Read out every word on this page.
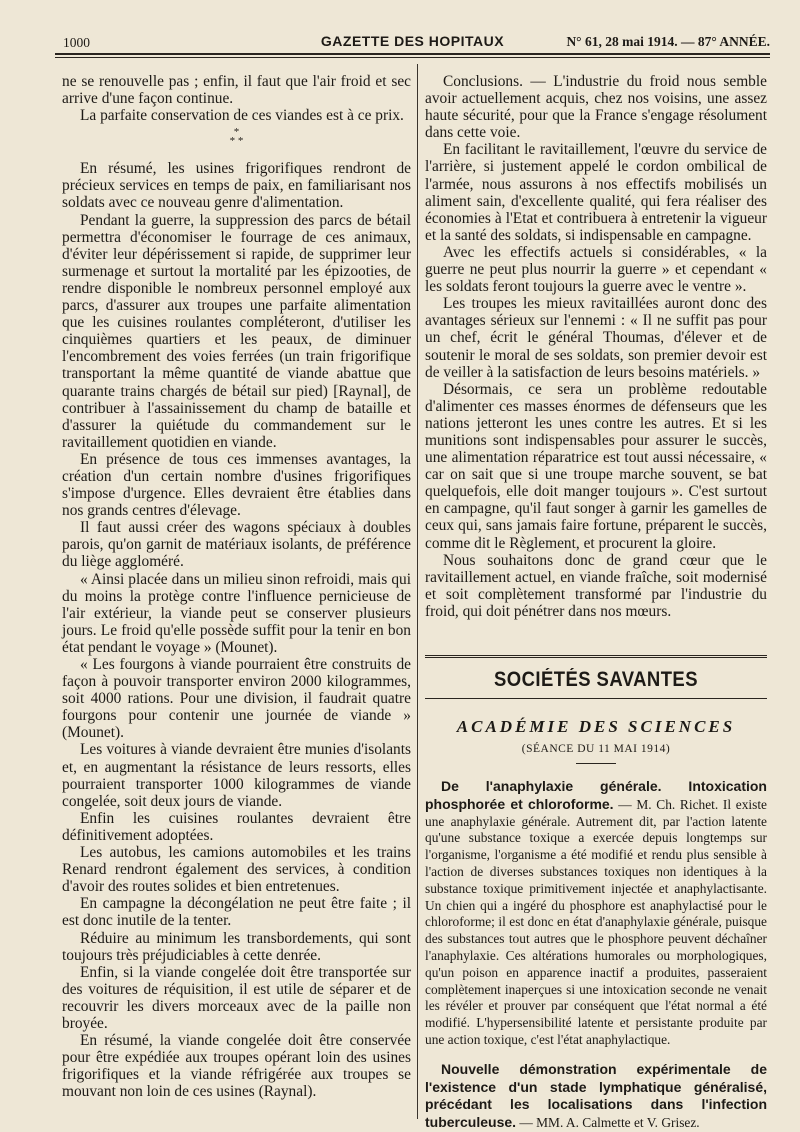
1000	GAZETTE DES HOPITAUX	N° 61, 28 mai 1914. — 87° ANNÉE.

ne se renouvelle pas ; enfin, il faut que l'air froid et sec arrive d'une façon continue.

La parfaite conservation de ces viandes est à ce prix.

*
* *

En résumé, les usines frigorifiques rendront de précieux services en temps de paix, en familiarisant nos soldats avec ce nouveau genre d'alimentation.

Pendant la guerre, la suppression des parcs de bétail permettra d'économiser le fourrage de ces animaux, d'éviter leur dépérissement si rapide, de supprimer leur surmenage et surtout la mortalité par les épizooties, de rendre disponible le nombreux personnel employé aux parcs, d'assurer aux troupes une parfaite alimentation que les cuisines roulantes compléteront, d'utiliser les cinquièmes quartiers et les peaux, de diminuer l'encombrement des voies ferrées (un train frigorifique transportant la même quantité de viande abattue que quarante trains chargés de bétail sur pied) [Raynal], de contribuer à l'assainissement du champ de bataille et d'assurer la quiétude du commandement sur le ravitaillement quotidien en viande.

En présence de tous ces immenses avantages, la création d'un certain nombre d'usines frigorifiques s'impose d'urgence. Elles devraient être établies dans nos grands centres d'élevage.

Il faut aussi créer des wagons spéciaux à doubles parois, qu'on garnit de matériaux isolants, de préférence du liège aggloméré.

« Ainsi placée dans un milieu sinon refroidi, mais qui du moins la protège contre l'influence pernicieuse de l'air extérieur, la viande peut se conserver plusieurs jours. Le froid qu'elle possède suffit pour la tenir en bon état pendant le voyage » (Mounet).

« Les fourgons à viande pourraient être construits de façon à pouvoir transporter environ 2000 kilogrammes, soit 4000 rations. Pour une division, il faudrait quatre fourgons pour contenir une journée de viande » (Mounet).

Les voitures à viande devraient être munies d'isolants et, en augmentant la résistance de leurs ressorts, elles pourraient transporter 1000 kilogrammes de viande congelée, soit deux jours de viande.

Enfin les cuisines roulantes devraient être définitivement adoptées.

Les autobus, les camions automobiles et les trains Renard rendront également des services, à condition d'avoir des routes solides et bien entretenues.

En campagne la décongélation ne peut être faite ; il est donc inutile de la tenter.

Réduire au minimum les transbordements, qui sont toujours très préjudiciables à cette denrée.

Enfin, si la viande congelée doit être transportée sur des voitures de réquisition, il est utile de séparer et de recouvrir les divers morceaux avec de la paille non broyée.

En résumé, la viande congelée doit être conservée pour être expédiée aux troupes opérant loin des usines frigorifiques et la viande réfrigérée aux troupes se mouvant non loin de ces usines (Raynal).

Conclusions. — L'industrie du froid nous semble avoir actuellement acquis, chez nos voisins, une assez haute sécurité, pour que la France s'engage résolument dans cette voie.

En facilitant le ravitaillement, l'œuvre du service de l'arrière, si justement appelé le cordon ombilical de l'armée, nous assurons à nos effectifs mobilisés un aliment sain, d'excellente qualité, qui fera réaliser des économies à l'Etat et contribuera à entretenir la vigueur et la santé des soldats, si indispensable en campagne.

Avec les effectifs actuels si considérables, « la guerre ne peut plus nourrir la guerre » et cependant « les soldats feront toujours la guerre avec le ventre ».

Les troupes les mieux ravitaillées auront donc des avantages sérieux sur l'ennemi : « Il ne suffit pas pour un chef, écrit le général Thoumas, d'élever et de soutenir le moral de ses soldats, son premier devoir est de veiller à la satisfaction de leurs besoins matériels. »

Désormais, ce sera un problème redoutable d'alimenter ces masses énormes de défenseurs que les nations jetteront les unes contre les autres. Et si les munitions sont indispensables pour assurer le succès, une alimentation réparatrice est tout aussi nécessaire, « car on sait que si une troupe marche souvent, se bat quelquefois, elle doit manger toujours ». C'est surtout en campagne, qu'il faut songer à garnir les gamelles de ceux qui, sans jamais faire fortune, préparent le succès, comme dit le Règlement, et procurent la gloire.

Nous souhaitons donc de grand cœur que le ravitaillement actuel, en viande fraîche, soit modernisé et soit complètement transformé par l'industrie du froid, qui doit pénétrer dans nos mœurs.

SOCIÉTÉS SAVANTES
ACADÉMIE DES SCIENCES
(SÉANCE DU 11 MAI 1914)

De l'anaphylaxie générale. Intoxication phosphorée et chloroforme. — M. Ch. Richet. Il existe une anaphylaxie générale. Autrement dit, par l'action latente qu'une substance toxique a exercée depuis longtemps sur l'organisme, l'organisme a été modifié et rendu plus sensible à l'action de diverses substances toxiques non identiques à la substance toxique primitivement injectée et anaphylactisante. Un chien qui a ingéré du phosphore est anaphylactisé pour le chloroforme; il est donc en état d'anaphylaxie générale, puisque des substances tout autres que le phosphore peuvent déchaîner l'anaphylaxie. Ces altérations humorales ou morphologiques, qu'un poison en apparence inactif a produites, passeraient complètement inaperçues si une intoxication seconde ne venait les révéler et prouver par conséquent que l'état normal a été modifié. L'hypersensibilité latente et persistante produite par une action toxique, c'est l'état anaphylactique.

Nouvelle démonstration expérimentale de l'existence d'un stade lymphatique généralisé, précédant les localisations dans l'infection tuberculeuse. — MM. A. Calmette et V. Grisez.
